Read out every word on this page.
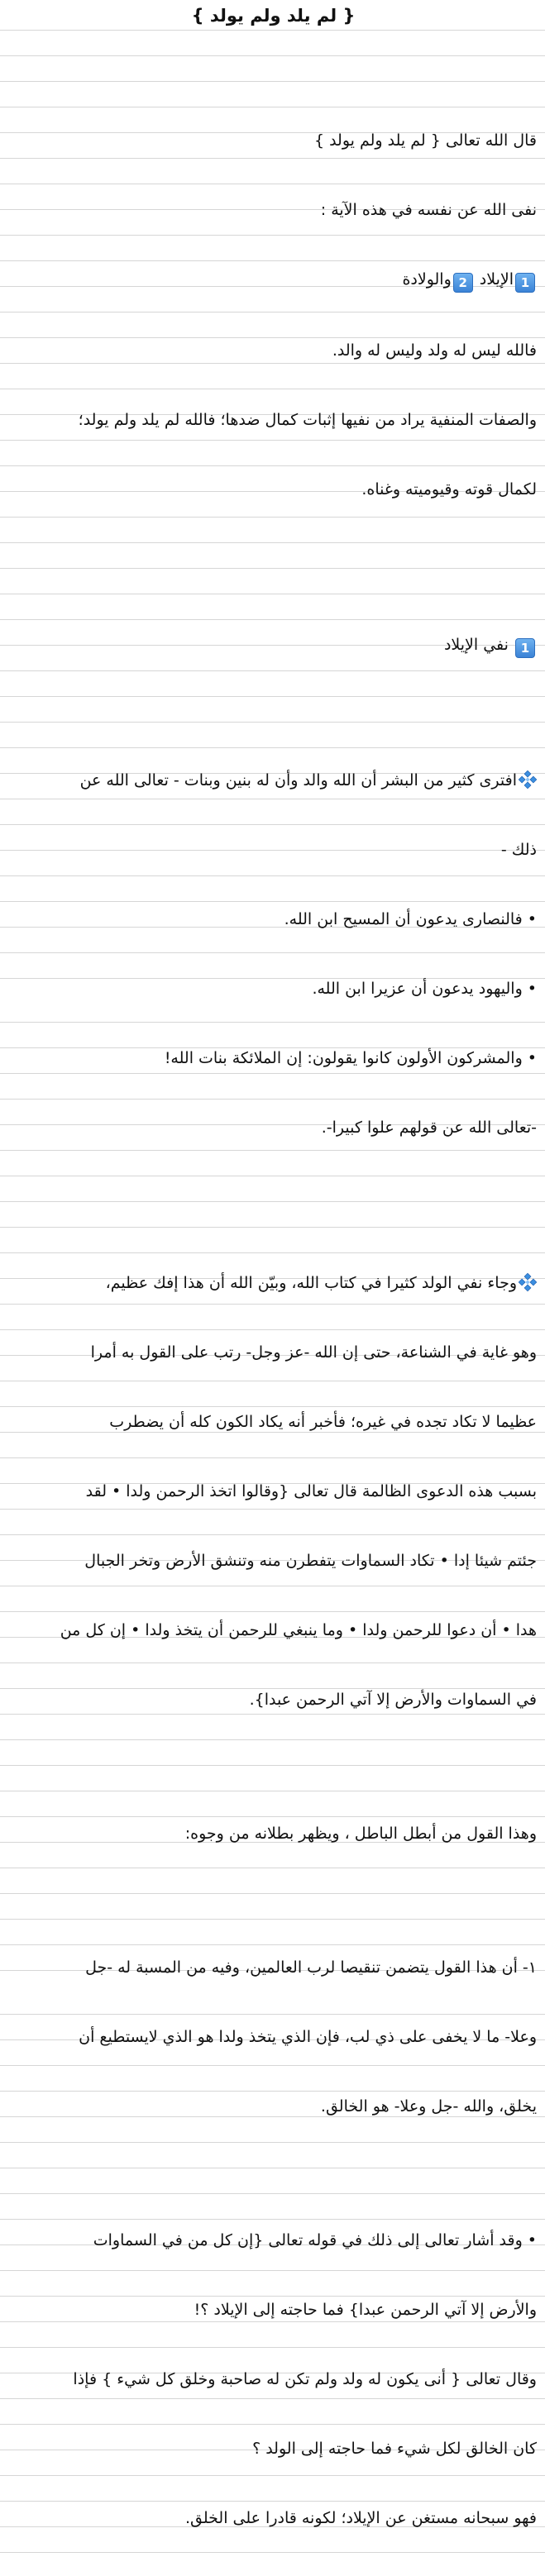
{ لم يلد ولم يولد }

قال الله تعالى { لم يلد ولم يولد }

نفى الله عن نفسه في هذه الآية :

1الإيلاد 2والولادة

فالله ليس له ولد وليس له والد.

والصفات المنفية يراد من نفيها إثبات كمال ضدها؛ فالله لم يلد ولم يولد؛

لكمال قوته وقيوميته وغناه.

1 نفي الإيلاد

افترى كثير من البشر أن الله والد وأن له بنين وبنات - تعالى الله عن

ذلك -

• فالنصارى يدعون أن المسيح ابن الله.

• واليهود يدعون أن عزيرا ابن الله.

• والمشركون الأولون كانوا يقولون: إن الملائكة بنات الله!

-تعالى الله عن قولهم علوا كبيرا-.

وجاء نفي الولد كثيرا في كتاب الله، وبيّن الله أن هذا إفك عظيم،

وهو غاية في الشناعة، حتى إن الله -عز وجل- رتب على القول به أمرا

عظيما لا تكاد تجده في غيره؛ فأخبر أنه يكاد الكون كله أن يضطرب

بسبب هذه الدعوى الظالمة قال تعالى {وقالوا اتخذ الرحمن ولدا • لقد

جئتم شيئا إدا • تكاد السماوات يتفطرن منه وتنشق الأرض وتخر الجبال

هدا • أن دعوا للرحمن ولدا • وما ينبغي للرحمن أن يتخذ ولدا • إن كل من

في السماوات والأرض إلا آتي الرحمن عبدا}.

وهذا القول من أبطل الباطل ، ويظهر بطلانه من وجوه:

١- أن هذا القول يتضمن تنقيصا لرب العالمين، وفيه من المسبة له -جل

وعلا- ما لا يخفى على ذي لب، فإن الذي يتخذ ولدا هو الذي لايستطيع أن

يخلق، والله -جل وعلا- هو الخالق.

• وقد أشار تعالى إلى ذلك في قوله تعالى {إن كل من في السماوات

والأرض إلا آتي الرحمن عبدا} فما حاجته إلى الإيلاد ؟!

وقال تعالى { أنى يكون له ولد ولم تكن له صاحبة وخلق كل شيء } فإذا

كان الخالق لكل شيء فما حاجته إلى الولد ؟

فهو سبحانه مستغن عن الإيلاد؛ لكونه قادرا على الخلق.
